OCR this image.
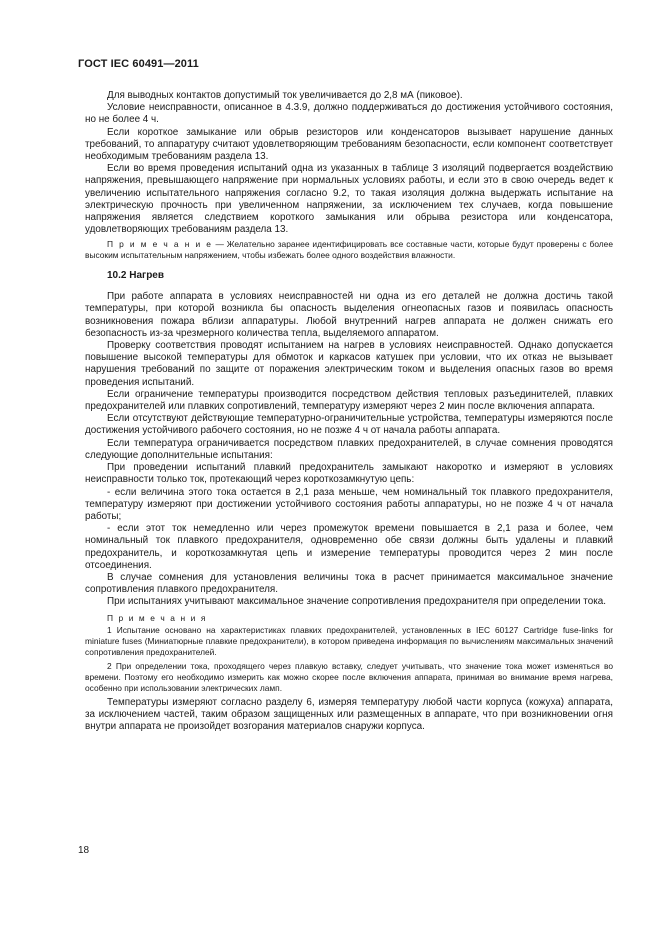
ГОСТ IEC 60491—2011

Для выводных контактов допустимый ток увеличивается до 2,8 мА (пиковое).

Условие неисправности, описанное в 4.3.9, должно поддерживаться до достижения устойчивого состояния, но не более 4 ч.

Если короткое замыкание или обрыв резисторов или конденсаторов вызывает нарушение данных требований, то аппаратуру считают удовлетворяющим требованиям безопасности, если компонент соответствует необходимым требованиям раздела 13.

Если во время проведения испытаний одна из указанных в таблице 3 изоляций подвергается воздействию напряжения, превышающего напряжение при нормальных условиях работы, и если это в свою очередь ведет к увеличению испытательного напряжения согласно 9.2, то такая изоляция должна выдержать испытание на электрическую прочность при увеличенном напряжении, за исключением тех случаев, когда повышение напряжения является следствием короткого замыкания или обрыва резистора или конденсатора, удовлетворяющих требованиям раздела 13.

П р и м е ч а н и е — Желательно заранее идентифицировать все составные части, которые будут проверены с более высоким испытательным напряжением, чтобы избежать более одного воздействия влажности.

10.2 Нагрев

При работе аппарата в условиях неисправностей ни одна из его деталей не должна достичь такой температуры, при которой возникла бы опасность выделения огнеопасных газов и появилась опасность возникновения пожара вблизи аппаратуры. Любой внутренний нагрев аппарата не должен снижать его безопасность из-за чрезмерного количества тепла, выделяемого аппаратом.

Проверку соответствия проводят испытанием на нагрев в условиях неисправностей. Однако допускается повышение высокой температуры для обмоток и каркасов катушек при условии, что их отказ не вызывает нарушения требований по защите от поражения электрическим током и выделения опасных газов во время проведения испытаний.

Если ограничение температуры производится посредством действия тепловых разъединителей, плавких предохранителей или плавких сопротивлений, температуру измеряют через 2 мин после включения аппарата.

Если отсутствуют действующие температурно-ограничительные устройства, температуры измеряются после достижения устойчивого рабочего состояния, но не позже 4 ч от начала работы аппарата.

Если температура ограничивается посредством плавких предохранителей, в случае сомнения проводятся следующие дополнительные испытания:

При проведении испытаний плавкий предохранитель замыкают накоротко и измеряют в условиях неисправности только ток, протекающий через короткозамкнутую цепь:

- если величина этого тока остается в 2,1 раза меньше, чем номинальный ток плавкого предохранителя, температуру измеряют при достижении устойчивого состояния работы аппаратуры, но не позже 4 ч от начала работы;

- если этот ток немедленно или через промежуток времени повышается в 2,1 раза и более, чем номинальный ток плавкого предохранителя, одновременно обе связи должны быть удалены и плавкий предохранитель, и короткозамкнутая цепь и измерение температуры проводится через 2 мин после отсоединения.

В случае сомнения для установления величины тока в расчет принимается максимальное значение сопротивления плавкого предохранителя.

При испытаниях учитывают максимальное значение сопротивления предохранителя при определении тока.

П р и м е ч а н и я

1 Испытание основано на характеристиках плавких предохранителей, установленных в IEC 60127 Cartridge fuse-links for miniature fuses (Миниатюрные плавкие предохранители), в котором приведена информация по вычислениям максимальных значений сопротивления предохранителей.

2 При определении тока, проходящего через плавкую вставку, следует учитывать, что значение тока может изменяться во времени. Поэтому его необходимо измерить как можно скорее после включения аппарата, принимая во внимание время нагрева, особенно при использовании электрических ламп.

Температуры измеряют согласно разделу 6, измеряя температуру любой части корпуса (кожуха) аппарата, за исключением частей, таким образом защищенных или размещенных в аппарате, что при возникновении огня внутри аппарата не произойдет возгорания материалов снаружи корпуса.

18
